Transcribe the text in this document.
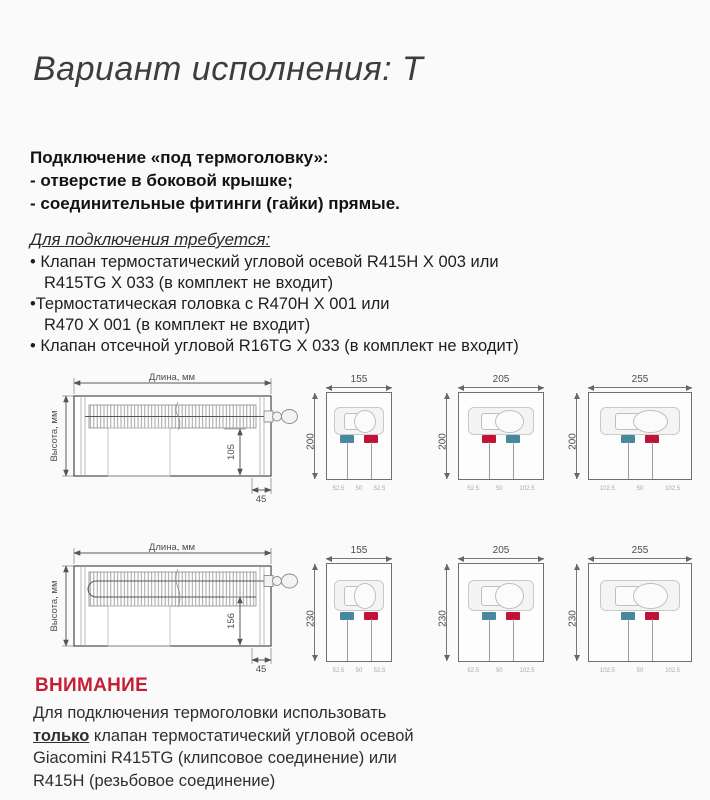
Вариант исполнения: Т
Подключение «под термоголовку»:
- отверстие в боковой крышке;
- соединительные фитинги (гайки) прямые.
Для подключения требуется:
• Клапан термостатический угловой осевой R415H X 003 или
R415TG X 033 (в комплект не входит)
•Термостатическая головка с R470H X 001 или
R470 X 001 (в комплект не входит)
• Клапан отсечной угловой R16TG X 033 (в комплект не входит)
Длина, мм
Высота, мм	105
45
Длина, мм
Высота, мм	156
45
155
200
52.5 50 52.5
205
200
52.5	50	102.5
255
200
102.5	50	102.5
155
230
52.5 50 52.5
205
230
52.5	50	102.5
255
230
102.5	50	102.5
ВНИМАНИЕ
Для подключения термоголовки использовать
только клапан термостатический угловой осевой
Giacomini R415TG (клипсовое соединение) или
R415H (резьбовое соединение)
